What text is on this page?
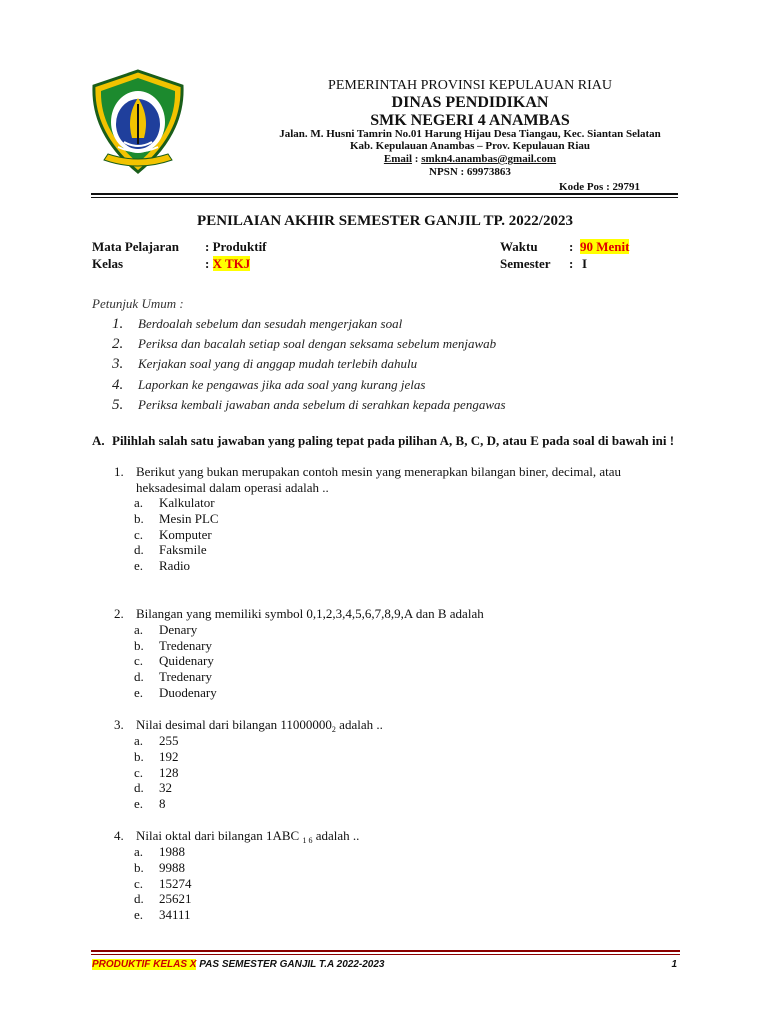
PEMERINTAH PROVINSI KEPULAUAN RIAU
DINAS PENDIDIKAN
SMK NEGERI 4 ANAMBAS
Jalan. M. Husni Tamrin No.01 Harung Hijau Desa Tiangau, Kec. Siantan Selatan
Kab. Kepulauan Anambas – Prov. Kepulauan Riau
Email : smkn4.anambas@gmail.com
NPSN : 69973863
Kode Pos : 29791
PENILAIAN AKHIR SEMESTER GANJIL TP. 2022/2023
Mata Pelajaran : Produktif
Kelas	: X TKJ
Waktu : 90 Menit
Semester : I
Petunjuk Umum :
1. Berdoalah sebelum dan sesudah mengerjakan soal
2. Periksa dan bacalah setiap soal dengan seksama sebelum menjawab
3. Kerjakan soal yang di anggap mudah terlebih dahulu
4. Laporkan ke pengawas jika ada soal yang kurang jelas
5. Periksa kembali jawaban anda sebelum di serahkan kepada pengawas
A. Pilihlah salah satu jawaban yang paling tepat pada pilihan A, B, C, D, atau E pada soal di bawah ini !
1. Berikut yang bukan merupakan contoh mesin yang menerapkan bilangan biner, decimal, atau
heksadesimal dalam operasi adalah ..
a. Kalkulator
b. Mesin PLC
c. Komputer
d. Faksmile
e. Radio
2. Bilangan yang memiliki symbol 0,1,2,3,4,5,6,7,8,9,A dan B adalah
a. Denary
b. Tredenary
c. Quidenary
d. Tredenary
e. Duodenary
3. Nilai desimal dari bilangan $11000000_2$ adalah ..
a. 255
b. 192
c. 128
d. 32
e. 8
4. Nilai oktal dari bilangan 1ABC $_{1 6}$ adalah ..
a. 1988
b. 9988
c. 15274
d. 25621
e. 34111
PRODUKTIF KELAS X PAS SEMESTER GANJIL T.A 2022-2023	1
